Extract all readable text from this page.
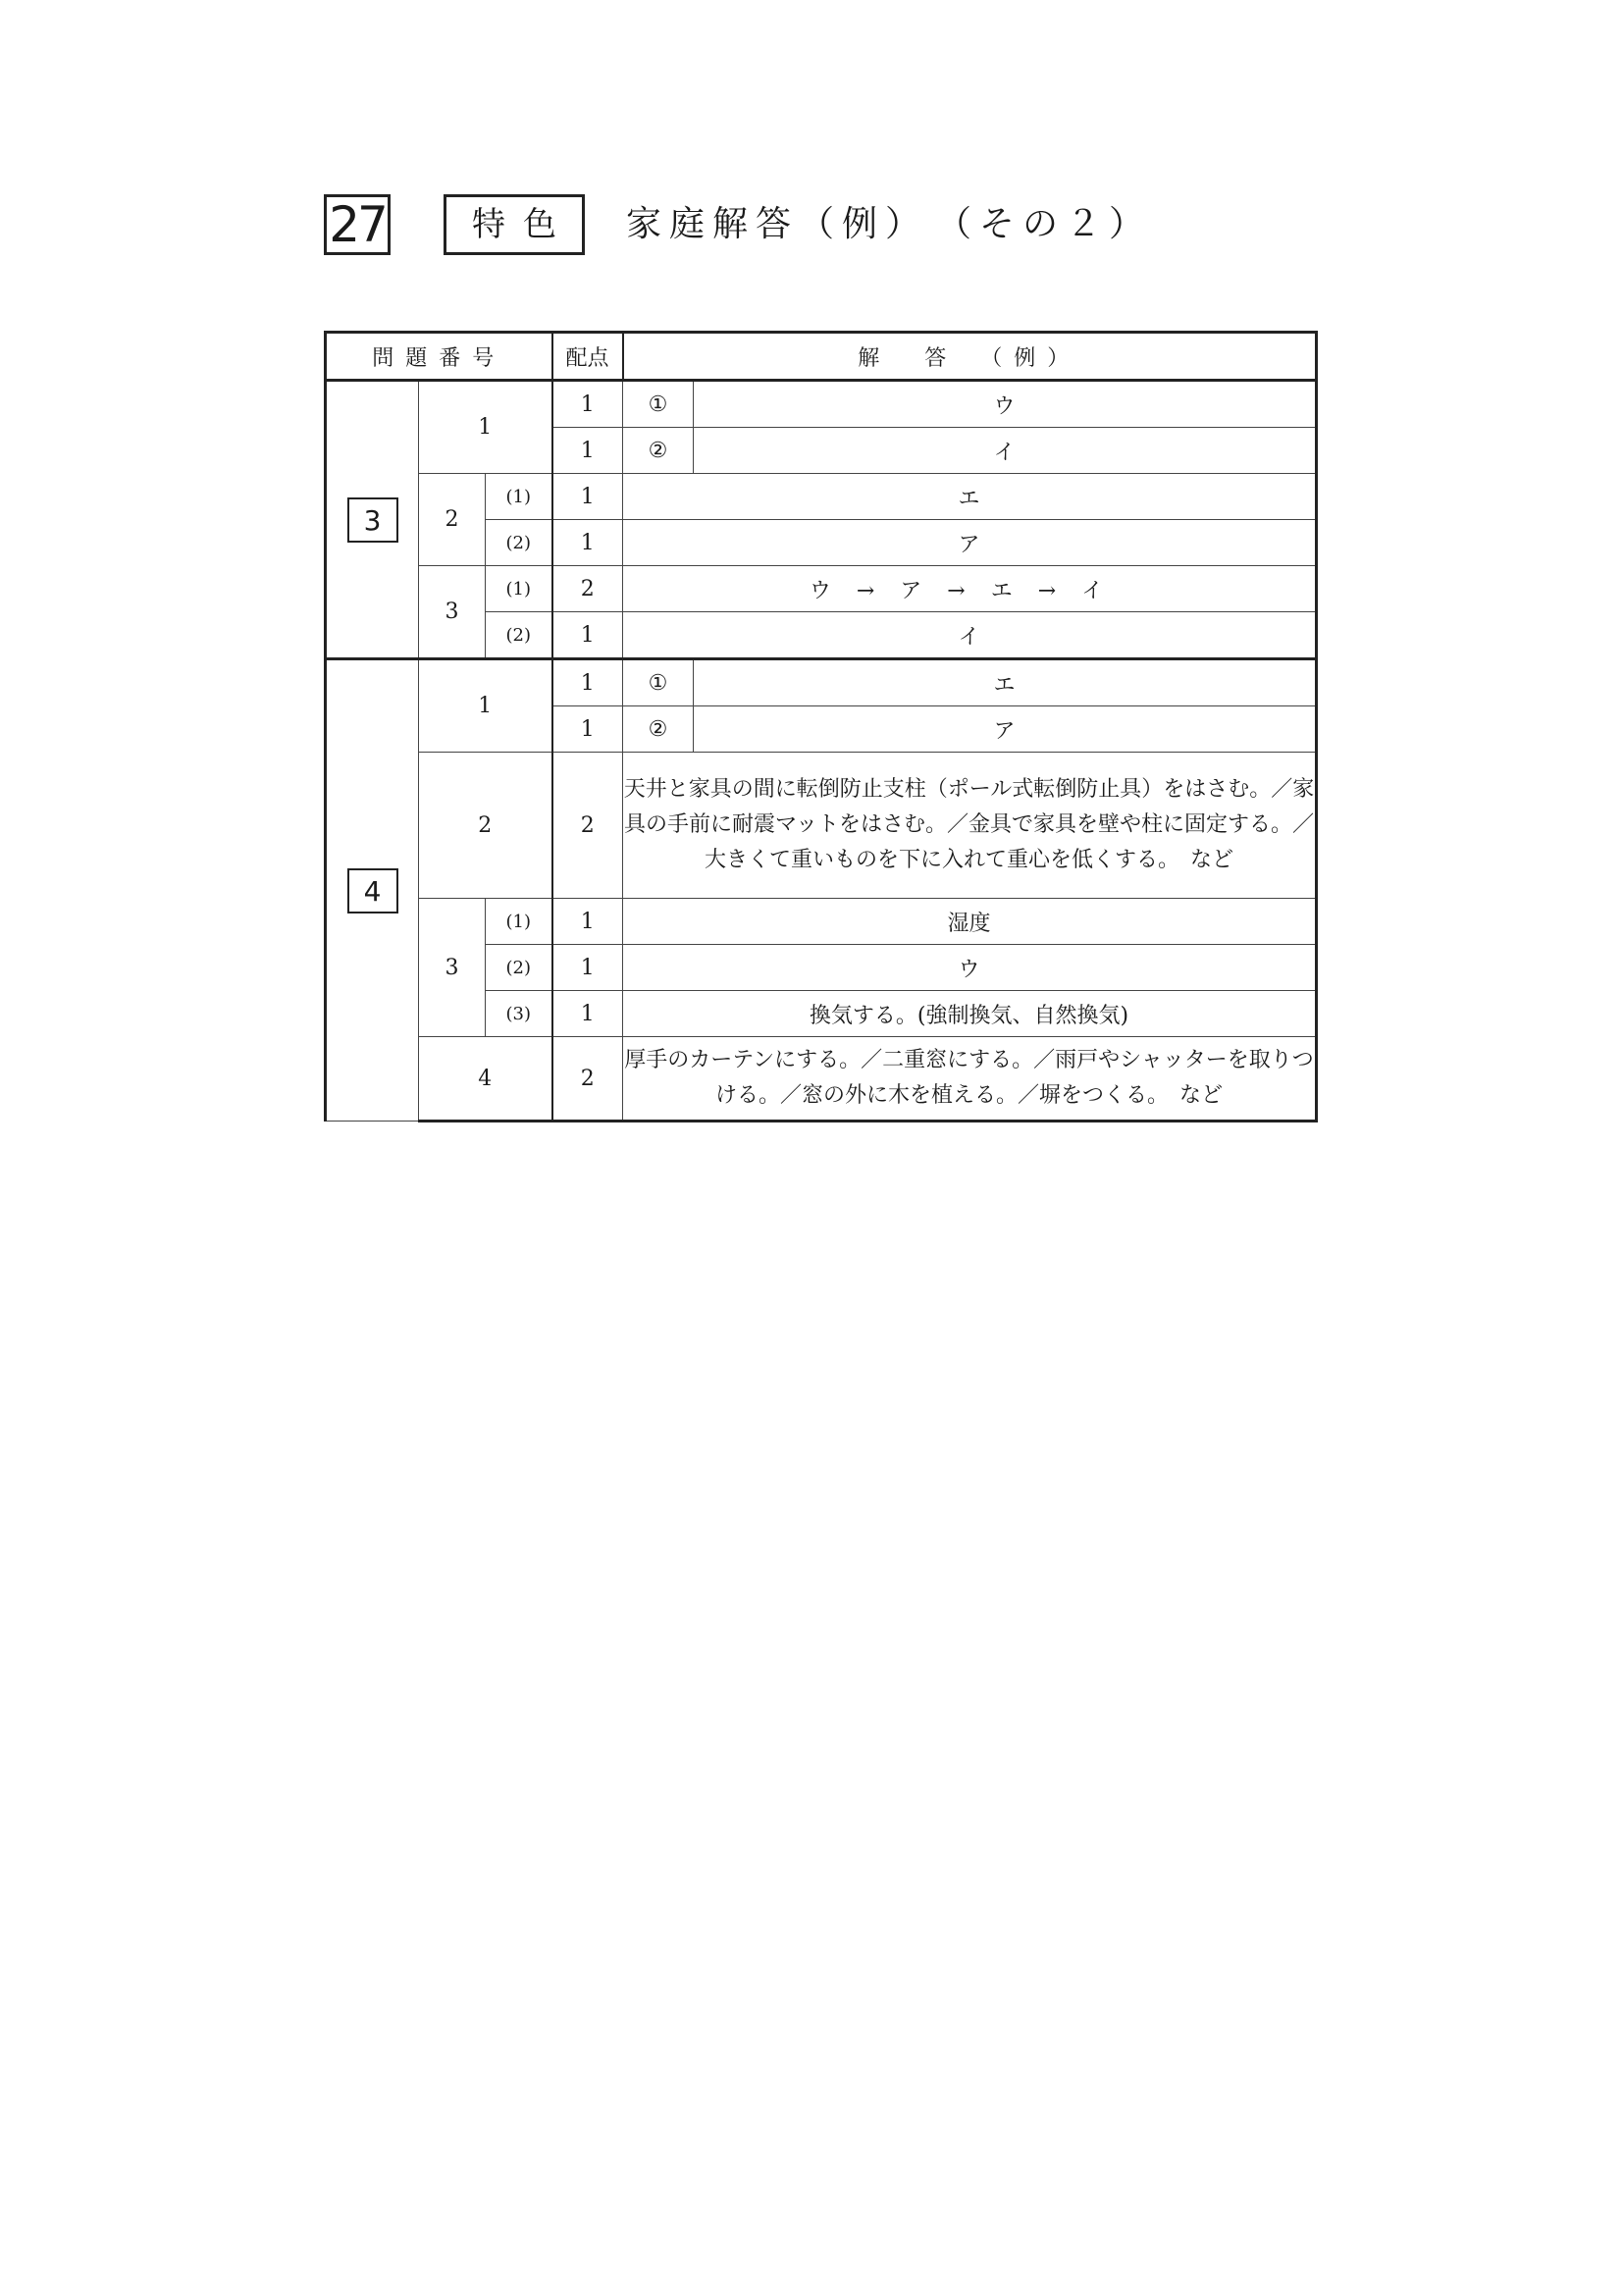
27	特色	家庭解答（例）　（その２）
問題番号			配点	解　答　（例）	
3	1		1	①	ウ
			1	②	イ
	2	(1)	1	エ	
		(2)	1	ア	
	3	(1)	2	ウ → ア → エ → イ	
		(2)	1	イ	
4	1		1	①	エ
			1	②	ア
	2		2	天井と家具の間に転倒防止支柱（ポール式転倒防止具）をはさむ。／家具の手前に耐震マットをはさむ。／金具で家具を壁や柱に固定する。／大きくて重いものを下に入れて重心を低くする。　など	
	3	(1)	1	湿度	
		(2)	1	ウ	
		(3)	1	換気する。(強制換気、自然換気)	
	4		2	厚手のカーテンにする。／二重窓にする。／雨戸やシャッターを取りつける。／窓の外に木を植える。／塀をつくる。　など	
